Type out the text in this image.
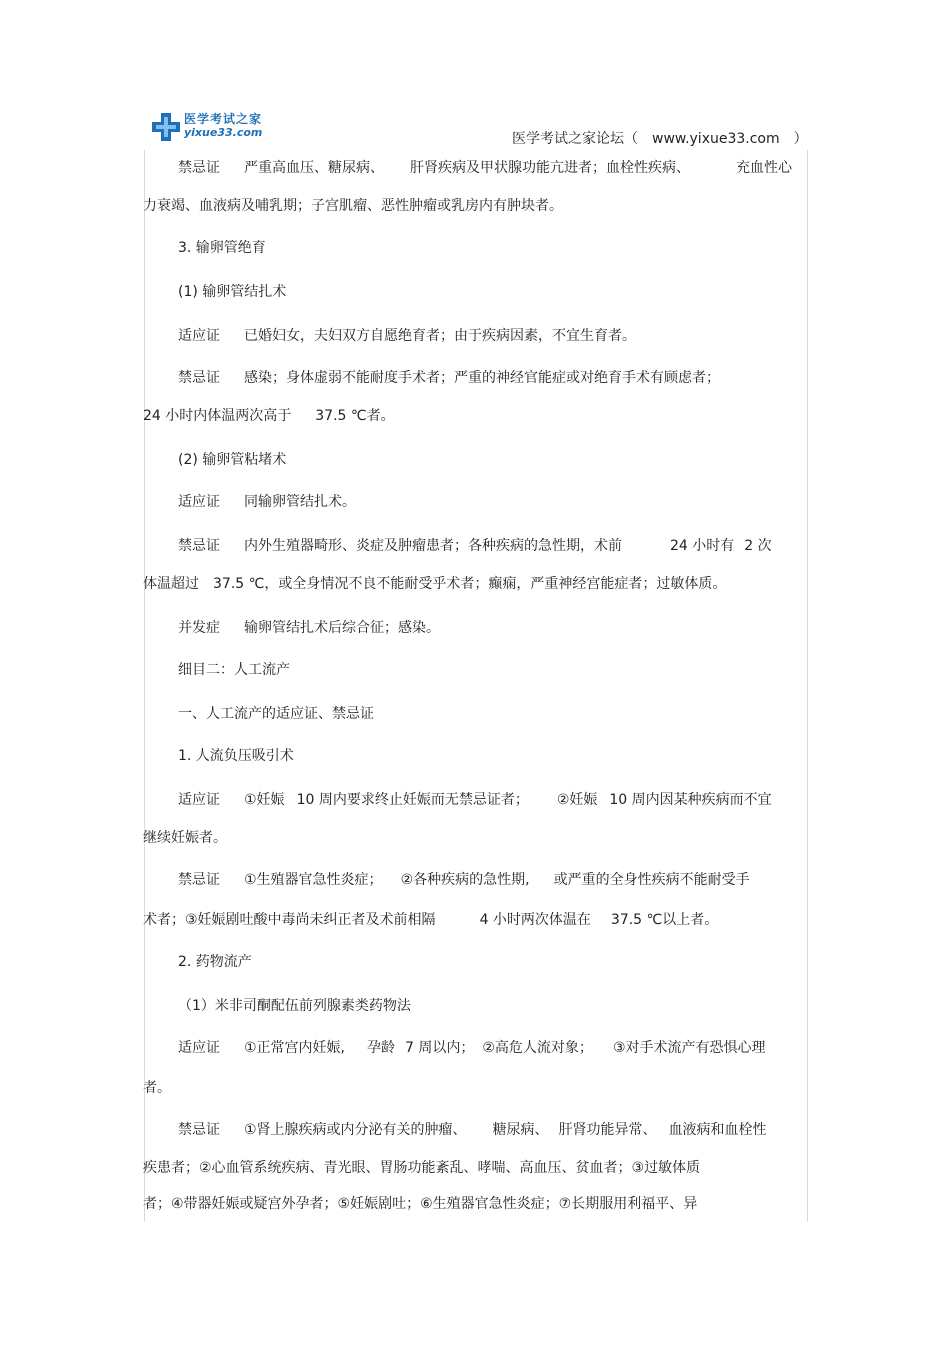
医学考试之家
yixue33.com	医学考试之家论坛（ www.yixue33.com ）
禁忌证 严重高血压、糖尿病、 肝肾疾病及甲状腺功能亢进者；血栓性疾病、	充血性心
力衰竭、血液病及哺乳期；子宫肌瘤、恶性肿瘤或乳房内有肿块者。
3. 输卵管绝育
(1) 输卵管结扎术
适应证 已婚妇女，夫妇双方自愿绝育者；由于疾病因素，不宜生育者。
禁忌证 感染；身体虚弱不能耐度手术者；严重的神经官能症或对绝育手术有顾虑者；
24 小时内体温两次高于 37.5 ℃者。
(2) 输卵管粘堵术
适应证 同输卵管结扎术。
禁忌证 内外生殖器畸形、炎症及肿瘤患者；各种疾病的急性期，术前	24 小时有 2 次
体温超过 37.5 ℃，或全身情况不良不能耐受乎术者；癫痫，严重神经宫能症者；过敏体质。
并发症 输卵管结扎术后综合征；感染。
细目二：人工流产
一、人工流产的适应证、禁忌证
1. 人流负压吸引术
适应证 ①妊娠 10 周内要求终止妊娠而无禁忌证者； ②妊娠 10 周内因某种疾病而不宜
继续妊娠者。
禁忌证 ①生殖器官急性炎症； ②各种疾病的急性期, 或严重的全身性疾病不能耐受手
术者；③妊娠剧吐酸中毒尚未纠正者及术前相隔	4 小时两次体温在 37.5 ℃以上者。
2. 药物流产
（1）米非司酮配伍前列腺素类药物法
适应证 ①正常宫内妊娠, 孕龄 7 周以内； ②高危人流对象； ③对手术流产有恐惧心理
者。
禁忌证 ①肾上腺疾病或内分泌有关的肿瘤、 糖尿病、 肝肾功能异常、 血液病和血栓性
疾患者；②心血管系统疾病、青光眼、胃肠功能紊乱、哮喘、高血压、贫血者；③过敏体质
者；④带器妊娠或疑宫外孕者；⑤妊娠剧吐；⑥生殖器官急性炎症；⑦长期服用利福平、异
